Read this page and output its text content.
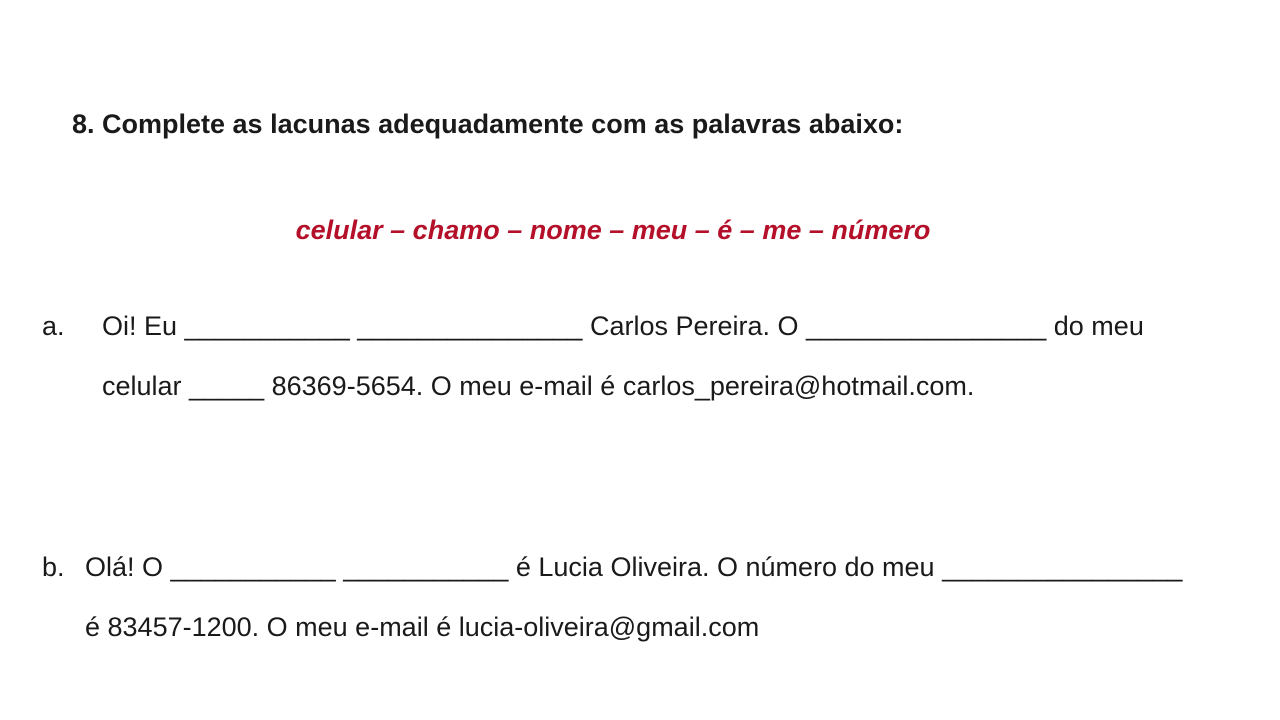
8. Complete as lacunas adequadamente com as palavras abaixo:
celular – chamo – nome – meu – é – me – número
a. Oi! Eu ___________ _______________ Carlos Pereira. O ________________ do meu
celular _____ 86369-5654. O meu e-mail é carlos_pereira@hotmail.com.
b. Olá! O ___________ ___________ é Lucia Oliveira. O número do meu ________________
é 83457-1200. O meu e-mail é lucia-oliveira@gmail.com
